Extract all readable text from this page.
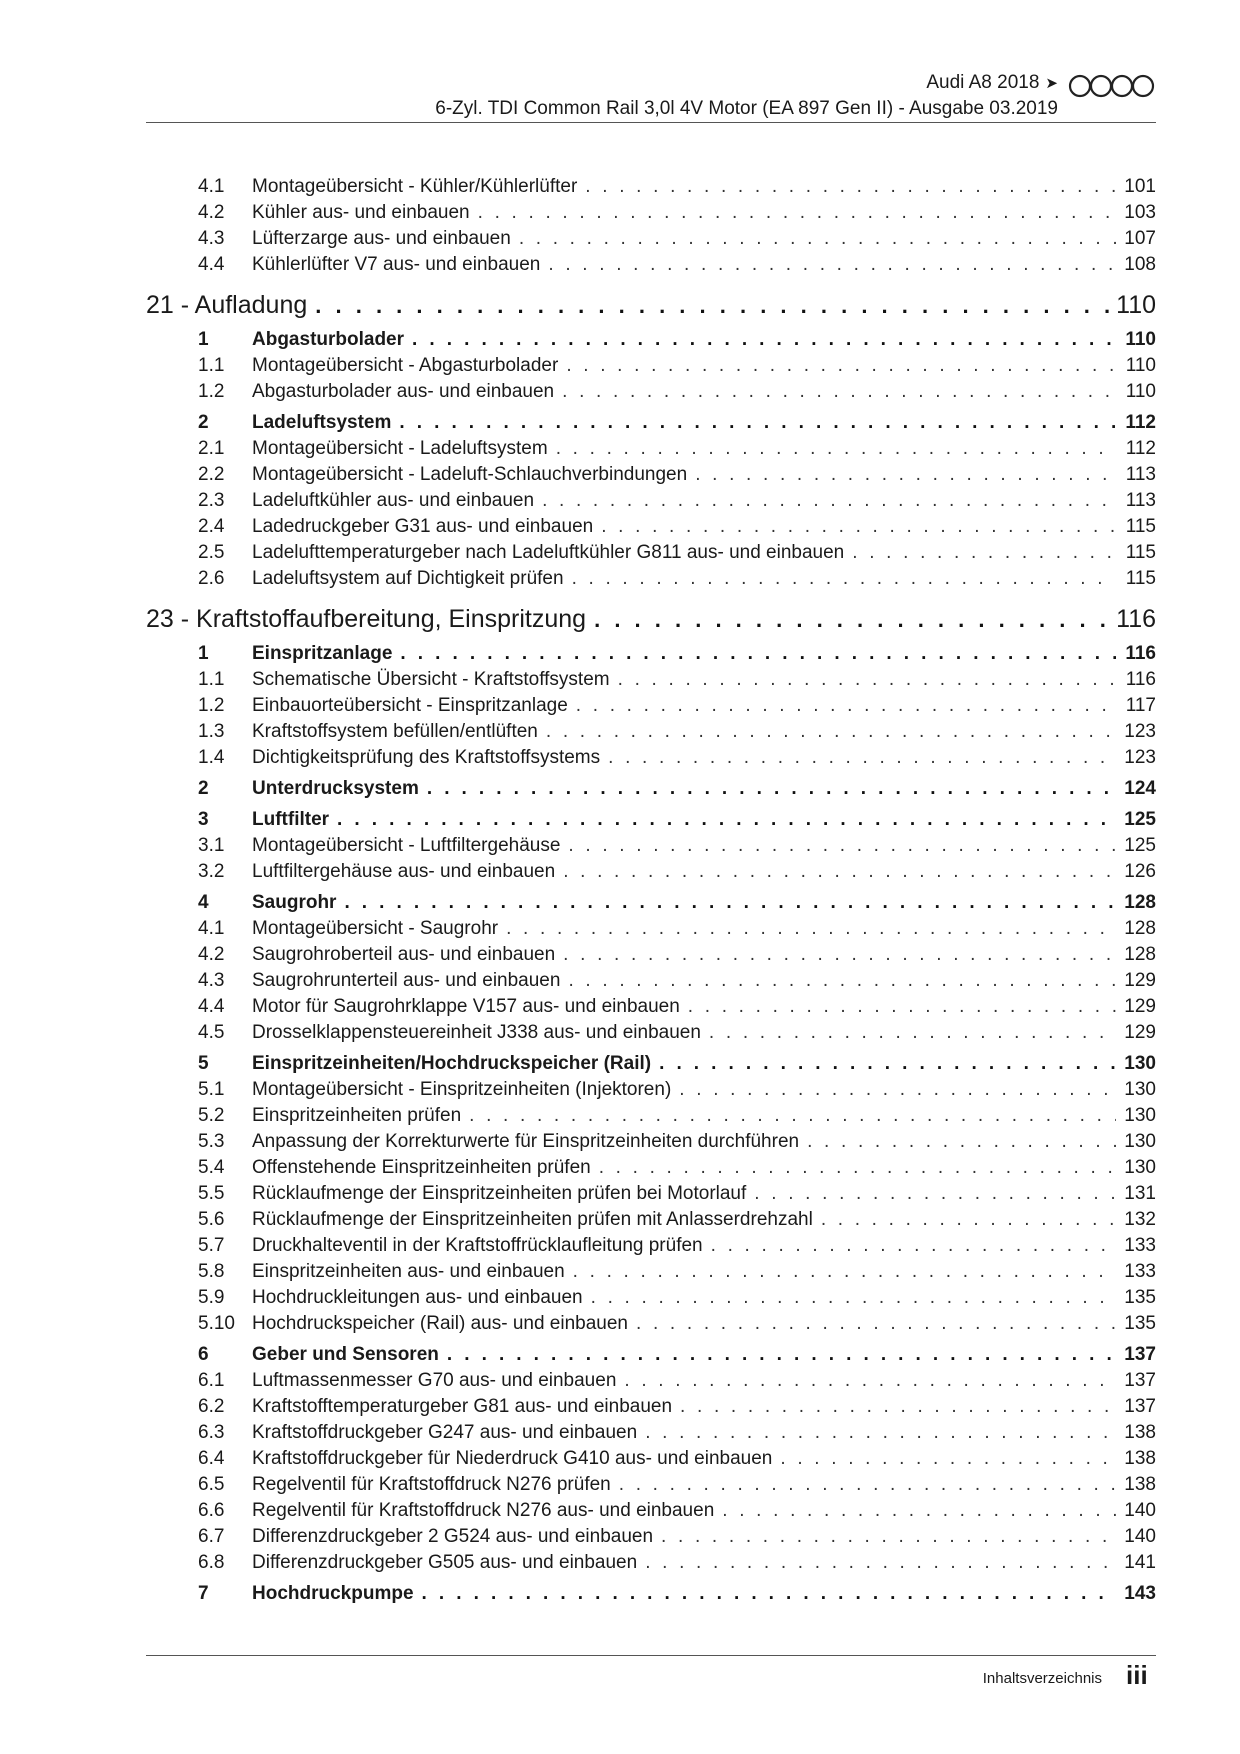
Audi A8 2018 ➤
6-Zyl. TDI Common Rail 3,0l 4V Motor (EA 897 Gen II) - Ausgabe 03.2019
4.1	Montageübersicht - Kühler/Kühlerlüfter . . .	101
4.2	Kühler aus- und einbauen . . .	103
4.3	Lüfterzarge aus- und einbauen . . .	107
4.4	Kühlerlüfter V7 aus- und einbauen . . .	108
21 - Aufladung . . .	110
1	Abgasturbolader . . .	110
1.1	Montageübersicht - Abgasturbolader . . .	110
1.2	Abgasturbolader aus- und einbauen . . .	110
2	Ladeluftsystem . . .	112
2.1	Montageübersicht - Ladeluftsystem . . .	112
2.2	Montageübersicht - Ladeluft-Schlauchverbindungen . . .	113
2.3	Ladeluftkühler aus- und einbauen . . .	113
2.4	Ladedruckgeber G31 aus- und einbauen . . .	115
2.5	Ladelufttemperaturgeber nach Ladeluftkühler G811 aus- und einbauen . . .	115
2.6	Ladeluftsystem auf Dichtigkeit prüfen . . .	115
23 - Kraftstoffaufbereitung, Einspritzung . . .	116
1	Einspritzanlage . . .	116
1.1	Schematische Übersicht - Kraftstoffsystem . . .	116
1.2	Einbauorteübersicht - Einspritzanlage . . .	117
1.3	Kraftstoffsystem befüllen/entlüften . . .	123
1.4	Dichtigkeitsprüfung des Kraftstoffsystems . . .	123
2	Unterdrucksystem . . .	124
3	Luftfilter . . .	125
3.1	Montageübersicht - Luftfiltergehäuse . . .	125
3.2	Luftfiltergehäuse aus- und einbauen . . .	126
4	Saugrohr . . .	128
4.1	Montageübersicht - Saugrohr . . .	128
4.2	Saugrohroberteil aus- und einbauen . . .	128
4.3	Saugrohrunterteil aus- und einbauen . . .	129
4.4	Motor für Saugrohrklappe V157 aus- und einbauen . . .	129
4.5	Drosselklappensteuereinheit J338 aus- und einbauen . . .	129
5	Einspritzeinheiten/Hochdruckspeicher (Rail) . . .	130
5.1	Montageübersicht - Einspritzeinheiten (Injektoren) . . .	130
5.2	Einspritzeinheiten prüfen . . .	130
5.3	Anpassung der Korrekturwerte für Einspritzeinheiten durchführen . . .	130
5.4	Offenstehende Einspritzeinheiten prüfen . . .	130
5.5	Rücklaufmenge der Einspritzeinheiten prüfen bei Motorlauf . . .	131
5.6	Rücklaufmenge der Einspritzeinheiten prüfen mit Anlasserdrehzahl . . .	132
5.7	Druckhalteventil in der Kraftstoffrücklaufleitung prüfen . . .	133
5.8	Einspritzeinheiten aus- und einbauen . . .	133
5.9	Hochdruckleitungen aus- und einbauen . . .	135
5.10 Hochdruckspeicher (Rail) aus- und einbauen . . .	135
6	Geber und Sensoren . . .	137
6.1	Luftmassenmesser G70 aus- und einbauen . . .	137
6.2	Kraftstofftemperaturgeber G81 aus- und einbauen . . .	137
6.3	Kraftstoffdruckgeber G247 aus- und einbauen . . .	138
6.4	Kraftstoffdruckgeber für Niederdruck G410 aus- und einbauen . . .	138
6.5	Regelventil für Kraftstoffdruck N276 prüfen . . .	138
6.6	Regelventil für Kraftstoffdruck N276 aus- und einbauen . . .	140
6.7	Differenzdruckgeber 2 G524 aus- und einbauen . . .	140
6.8	Differenzdruckgeber G505 aus- und einbauen . . .	141
7	Hochdruckpumpe . . .	143
Inhaltsverzeichnis iii
